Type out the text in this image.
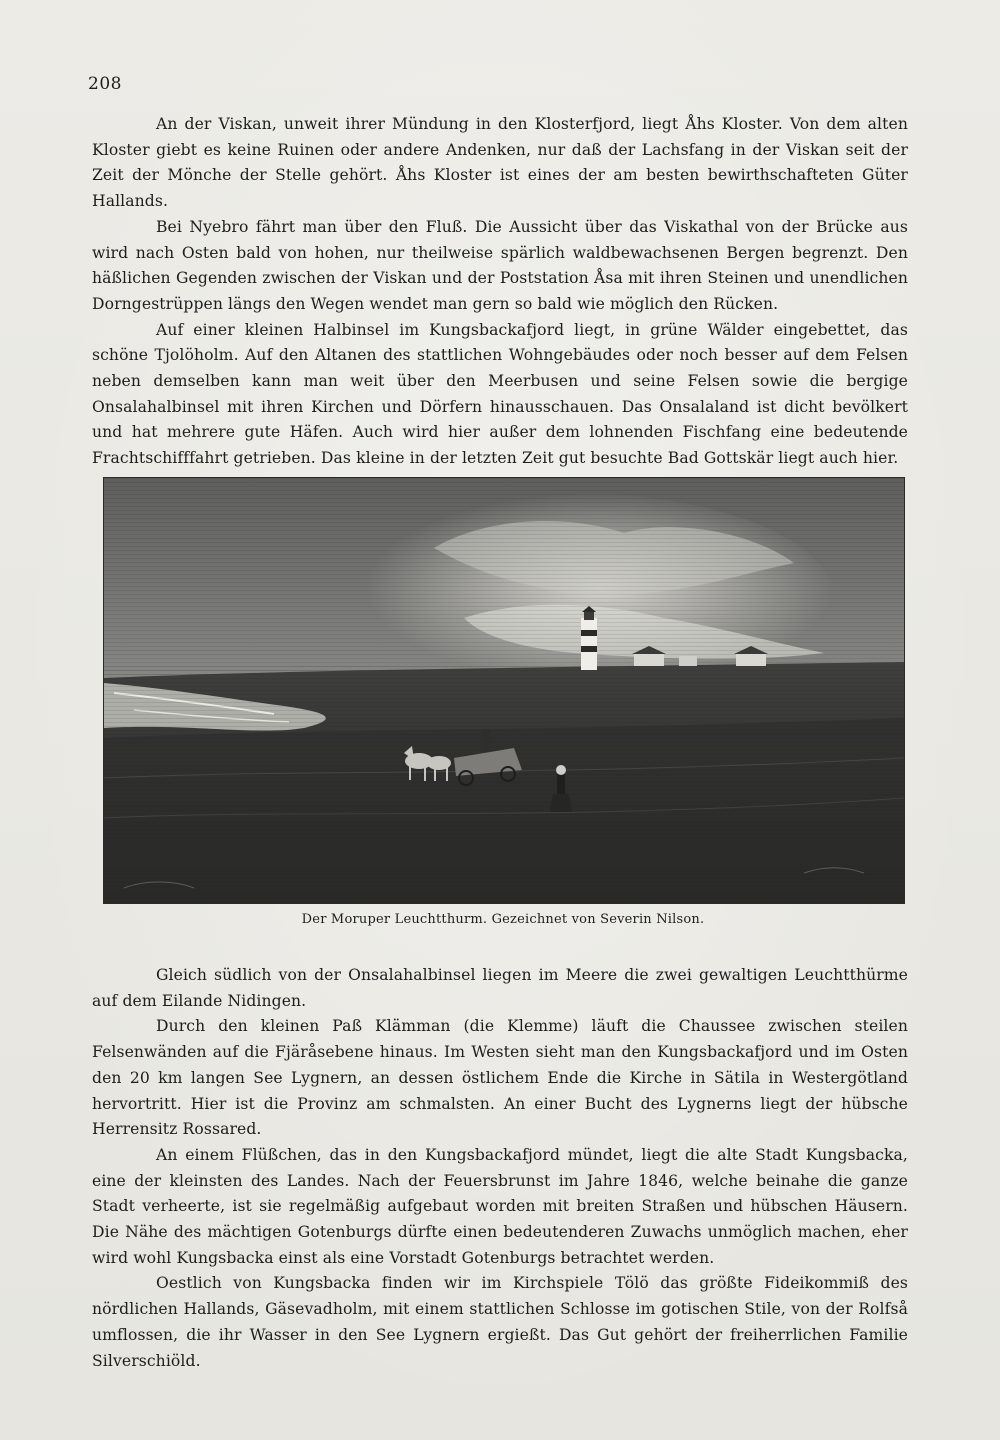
208

An der Viskan, unweit ihrer Mündung in den Klosterfjord, liegt Åhs Kloster. Von dem alten Kloster giebt es keine Ruinen oder andere Andenken, nur daß der Lachsfang in der Viskan seit der Zeit der Mönche der Stelle gehört. Åhs Kloster ist eines der am besten bewirthschafteten Güter Hallands.

Bei Nyebro fährt man über den Fluß. Die Aussicht über das Viskathal von der Brücke aus wird nach Osten bald von hohen, nur theilweise spärlich waldbewachsenen Bergen begrenzt. Den häßlichen Gegenden zwischen der Viskan und der Poststation Åsa mit ihren Steinen und unendlichen Dorngestrüppen längs den Wegen wendet man gern so bald wie möglich den Rücken.

Auf einer kleinen Halbinsel im Kungsbackafjord liegt, in grüne Wälder eingebettet, das schöne Tjolöholm. Auf den Altanen des stattlichen Wohngebäudes oder noch besser auf dem Felsen neben demselben kann man weit über den Meerbusen und seine Felsen sowie die bergige Onsalahalbinsel mit ihren Kirchen und Dörfern hinausschauen. Das Onsalaland ist dicht bevölkert und hat mehrere gute Häfen. Auch wird hier außer dem lohnenden Fischfang eine bedeutende Frachtschifffahrt getrieben. Das kleine in der letzten Zeit gut besuchte Bad Gottskär liegt auch hier.

Der Moruper Leuchtthurm. Gezeichnet von Severin Nilson.

Gleich südlich von der Onsalahalbinsel liegen im Meere die zwei gewaltigen Leuchtthürme auf dem Eilande Nidingen.

Durch den kleinen Paß Klämman (die Klemme) läuft die Chaussee zwischen steilen Felsenwänden auf die Fjäråsebene hinaus. Im Westen sieht man den Kungsbackafjord und im Osten den 20 km langen See Lygnern, an dessen östlichem Ende die Kirche in Sätila in Westergötland hervortritt. Hier ist die Provinz am schmalsten. An einer Bucht des Lygnerns liegt der hübsche Herrensitz Rossared.

An einem Flüßchen, das in den Kungsbackafjord mündet, liegt die alte Stadt Kungsbacka, eine der kleinsten des Landes. Nach der Feuersbrunst im Jahre 1846, welche beinahe die ganze Stadt verheerte, ist sie regelmäßig aufgebaut worden mit breiten Straßen und hübschen Häusern. Die Nähe des mächtigen Gotenburgs dürfte einen bedeutenderen Zuwachs unmöglich machen, eher wird wohl Kungsbacka einst als eine Vorstadt Gotenburgs betrachtet werden.

Oestlich von Kungsbacka finden wir im Kirchspiele Tölö das größte Fideikommiß des nördlichen Hallands, Gäsevadholm, mit einem stattlichen Schlosse im gotischen Stile, von der Rolfså umflossen, die ihr Wasser in den See Lygnern ergießt. Das Gut gehört der freiherrlichen Familie Silverschiöld.
